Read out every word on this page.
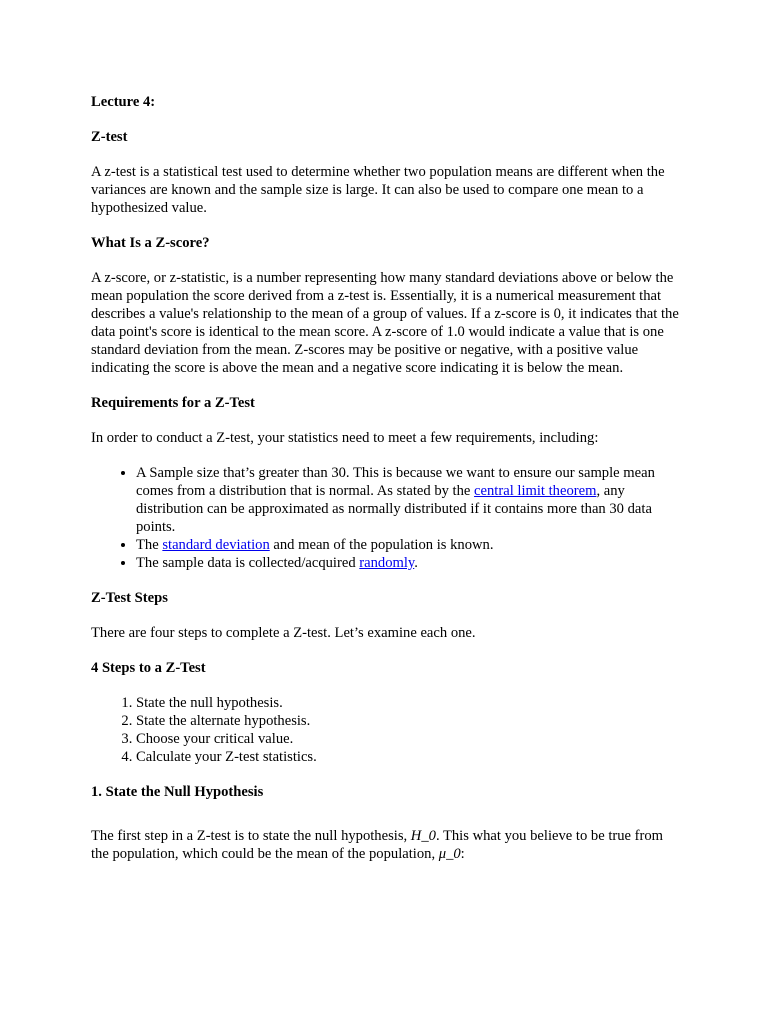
Lecture 4:

Z-test

A z-test is a statistical test used to determine whether two population means are different when the variances are known and the sample size is large. It can also be used to compare one mean to a hypothesized value.

What Is a Z-score?

A z-score, or z-statistic, is a number representing how many standard deviations above or below the mean population the score derived from a z-test is. Essentially, it is a numerical measurement that describes a value's relationship to the mean of a group of values. If a z-score is 0, it indicates that the data point's score is identical to the mean score. A z-score of 1.0 would indicate a value that is one standard deviation from the mean. Z-scores may be positive or negative, with a positive value indicating the score is above the mean and a negative score indicating it is below the mean.

Requirements for a Z-Test

In order to conduct a Z-test, your statistics need to meet a few requirements, including:

• A Sample size that’s greater than 30. This is because we want to ensure our sample mean comes from a distribution that is normal. As stated by the central limit theorem, any distribution can be approximated as normally distributed if it contains more than 30 data points.
• The standard deviation and mean of the population is known.
• The sample data is collected/acquired randomly.

Z-Test Steps

There are four steps to complete a Z-test. Let’s examine each one.

4 Steps to a Z-Test

1. State the null hypothesis.
2. State the alternate hypothesis.
3. Choose your critical value.
4. Calculate your Z-test statistics.

1. State the Null Hypothesis

The first step in a Z-test is to state the null hypothesis, H_0. This what you believe to be true from the population, which could be the mean of the population, μ_0:
